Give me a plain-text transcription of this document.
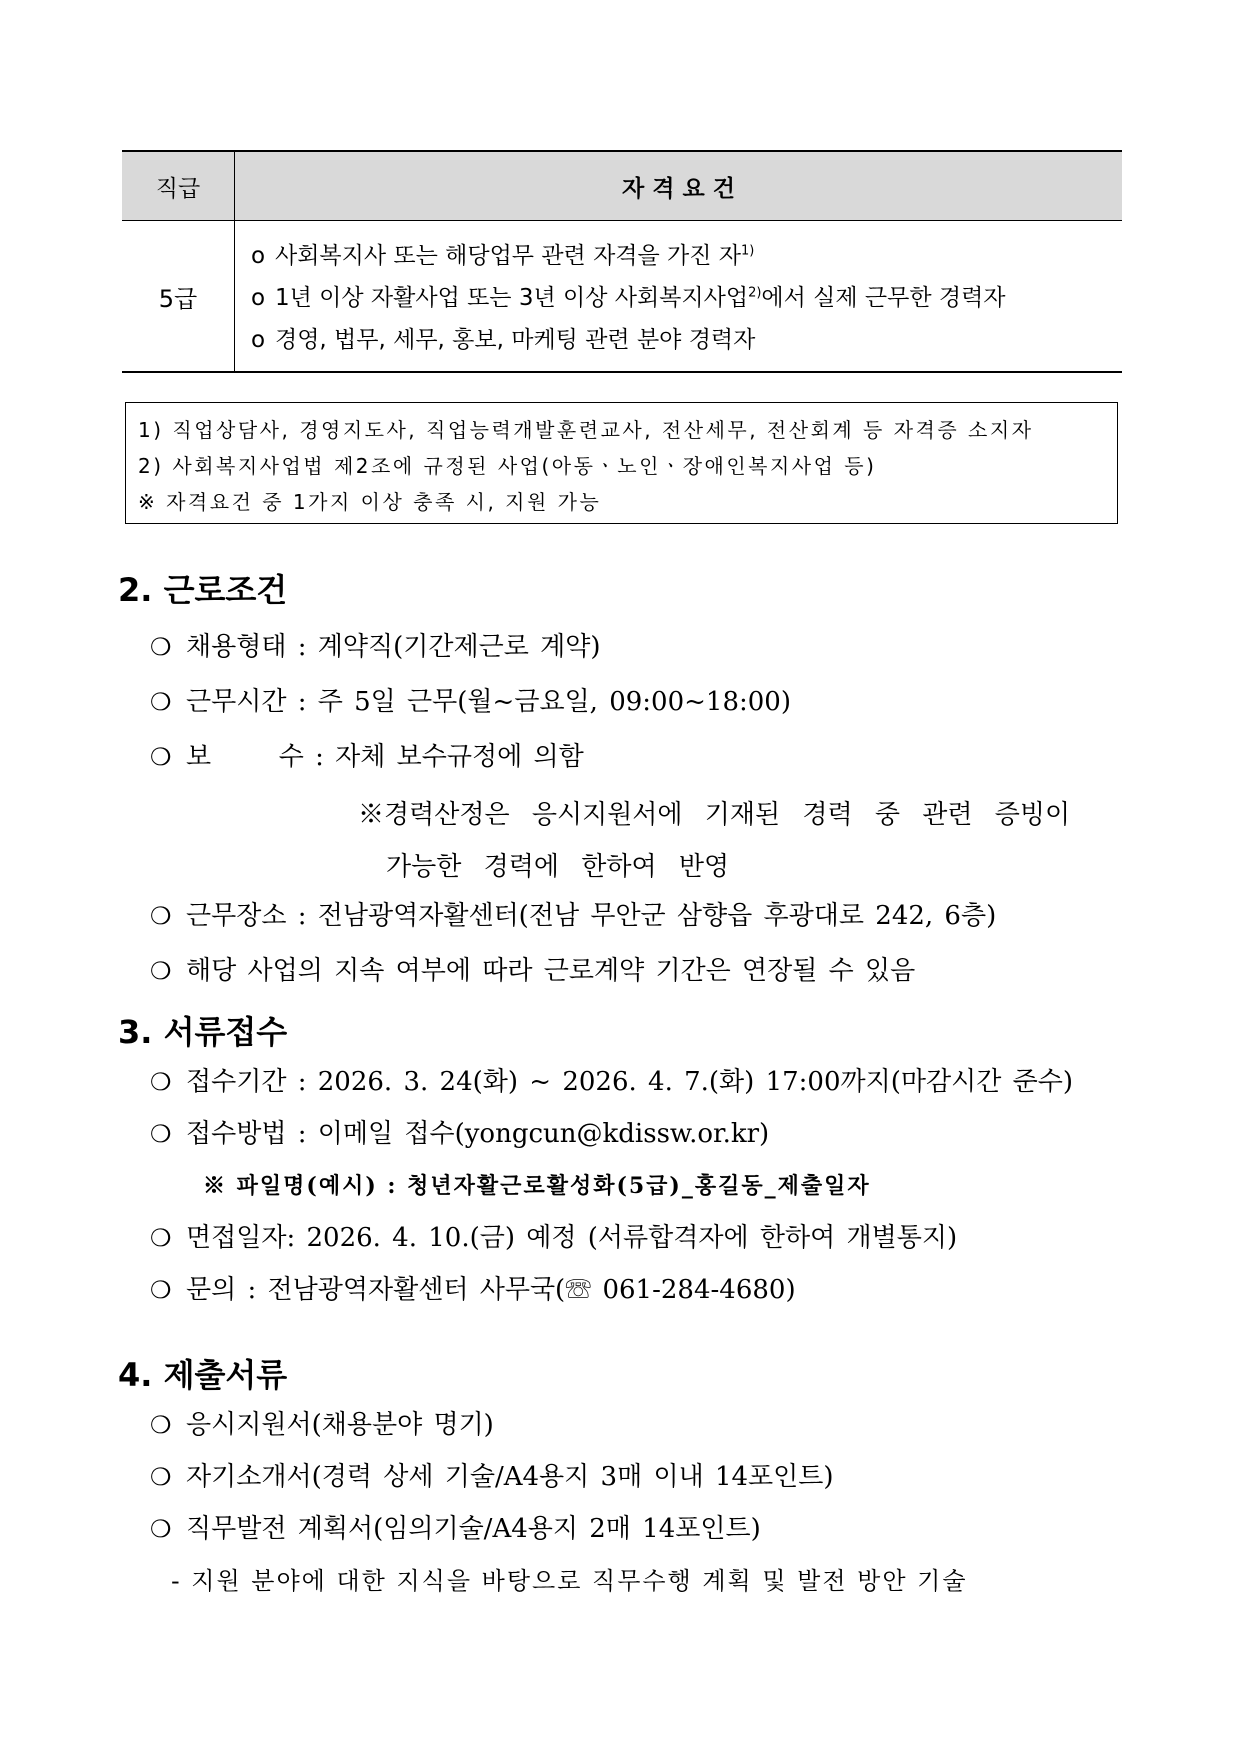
직급	자 격 요 건
5급
o 사회복지사 또는 해당업무 관련 자격을 가진 자$^{1)}$
o 1년 이상 자활사업 또는 3년 이상 사회복지사업$^{2)}$에서 실제 근무한 경력자
o 경영, 법무, 세무, 홍보, 마케팅 관련 분야 경력자
1) 직업상담사, 경영지도사, 직업능력개발훈련교사, 전산세무, 전산회계 등 자격증 소지자
2) 사회복지사업법 제2조에 규정된 사업(아동ㆍ노인ㆍ장애인복지사업 등)
※ 자격요건 중 1가지 이상 충족 시, 지원 가능
2. 근로조건
❍ 채용형태 : 계약직(기간제근로 계약)
❍ 근무시간 : 주 5일 근무(월~금요일, 09:00~18:00)
❍ 보      수 : 자체 보수규정에 의함
※경력산정은 응시지원서에 기재된 경력 중 관련 증빙이
가능한 경력에 한하여 반영
❍ 근무장소 : 전남광역자활센터(전남 무안군 삼향읍 후광대로 242, 6층)
❍ 해당 사업의 지속 여부에 따라 근로계약 기간은 연장될 수 있음
3. 서류접수
❍ 접수기간 : 2026. 3. 24(화) ~ 2026. 4. 7.(화) 17:00까지(마감시간 준수)
❍ 접수방법 : 이메일 접수(yongcun@kdissw.or.kr)
※ 파일명(예시) : 청년자활근로활성화(5급)_홍길동_제출일자
❍ 면접일자: 2026. 4. 10.(금) 예정 (서류합격자에 한하여 개별통지)
❍ 문의 : 전남광역자활센터 사무국(☏ 061-284-4680)
4. 제출서류
❍ 응시지원서(채용분야 명기)
❍ 자기소개서(경력 상세 기술/A4용지 3매 이내 14포인트)
❍ 직무발전 계획서(임의기술/A4용지 2매 14포인트)
- 지원 분야에 대한 지식을 바탕으로 직무수행 계획 및 발전 방안 기술
